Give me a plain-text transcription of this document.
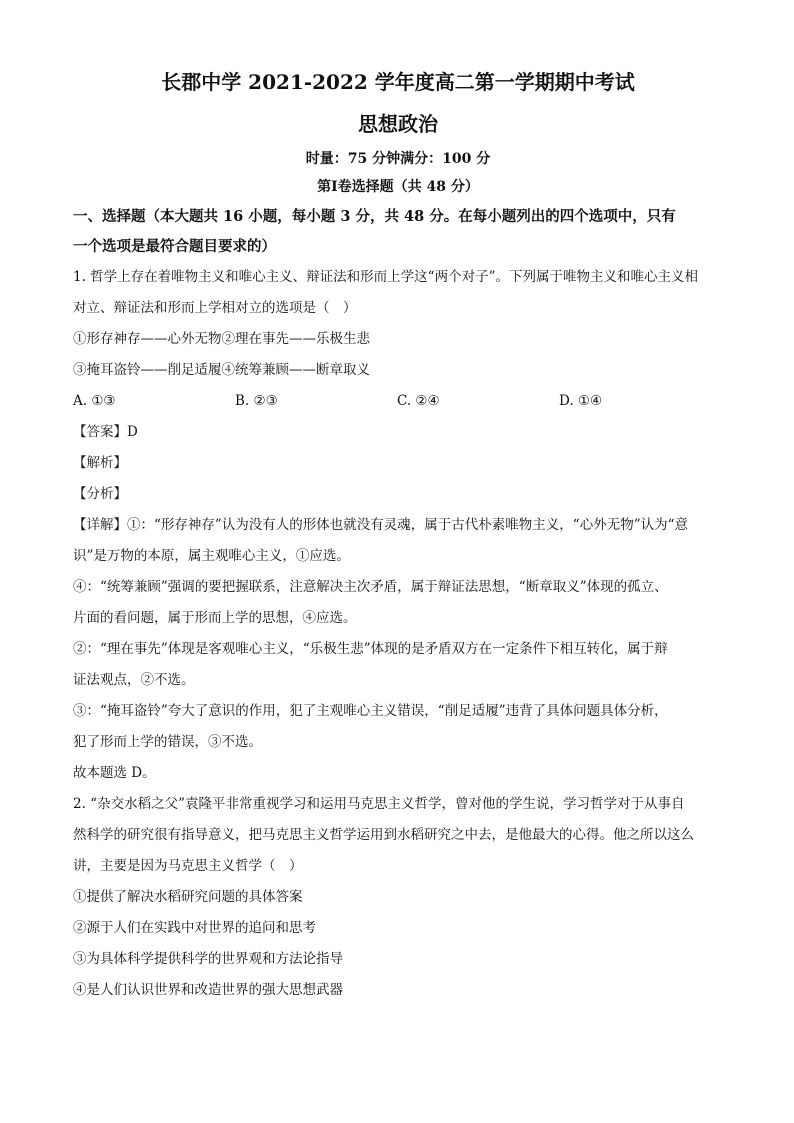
长郡中学 2021-2022 学年度高二第一学期期中考试
思想政治
时量：75 分钟满分：100 分
第Ⅰ卷选择题（共 48 分）
一、选择题（本大题共 16 小题，每小题 3 分，共 48 分。在每小题列出的四个选项中，只有
一个选项是最符合题目要求的）
1. 哲学上存在着唯物主义和唯心主义、辩证法和形而上学这“两个对子”。下列属于唯物主义和唯心主义相
对立、辩证法和形而上学相对立的选项是（　）
①形存神存——心外无物②理在事先——乐极生悲
③掩耳盗铃——削足适履④统筹兼顾——断章取义
A. ①③	B. ②③	C. ②④	D. ①④
【答案】D
【解析】
【分析】
【详解】①：“形存神存”认为没有人的形体也就没有灵魂，属于古代朴素唯物主义，“心外无物”认为“意
识”是万物的本原，属主观唯心主义，①应选。
④：“统筹兼顾”强调的要把握联系，注意解决主次矛盾，属于辩证法思想，“断章取义”体现的孤立、
片面的看问题，属于形而上学的思想，④应选。
②：“理在事先”体现是客观唯心主义，“乐极生悲”体现的是矛盾双方在一定条件下相互转化，属于辩
证法观点，②不选。
③：“掩耳盗铃”夸大了意识的作用，犯了主观唯心主义错误，“削足适履”违背了具体问题具体分析，
犯了形而上学的错误，③不选。
故本题选 D。
2. “杂交水稻之父”袁隆平非常重视学习和运用马克思主义哲学，曾对他的学生说，学习哲学对于从事自
然科学的研究很有指导意义，把马克思主义哲学运用到水稻研究之中去，是他最大的心得。他之所以这么
讲，主要是因为马克思主义哲学（　）
①提供了解决水稻研究问题的具体答案
②源于人们在实践中对世界的追问和思考
③为具体科学提供科学的世界观和方法论指导
④是人们认识世界和改造世界的强大思想武器
